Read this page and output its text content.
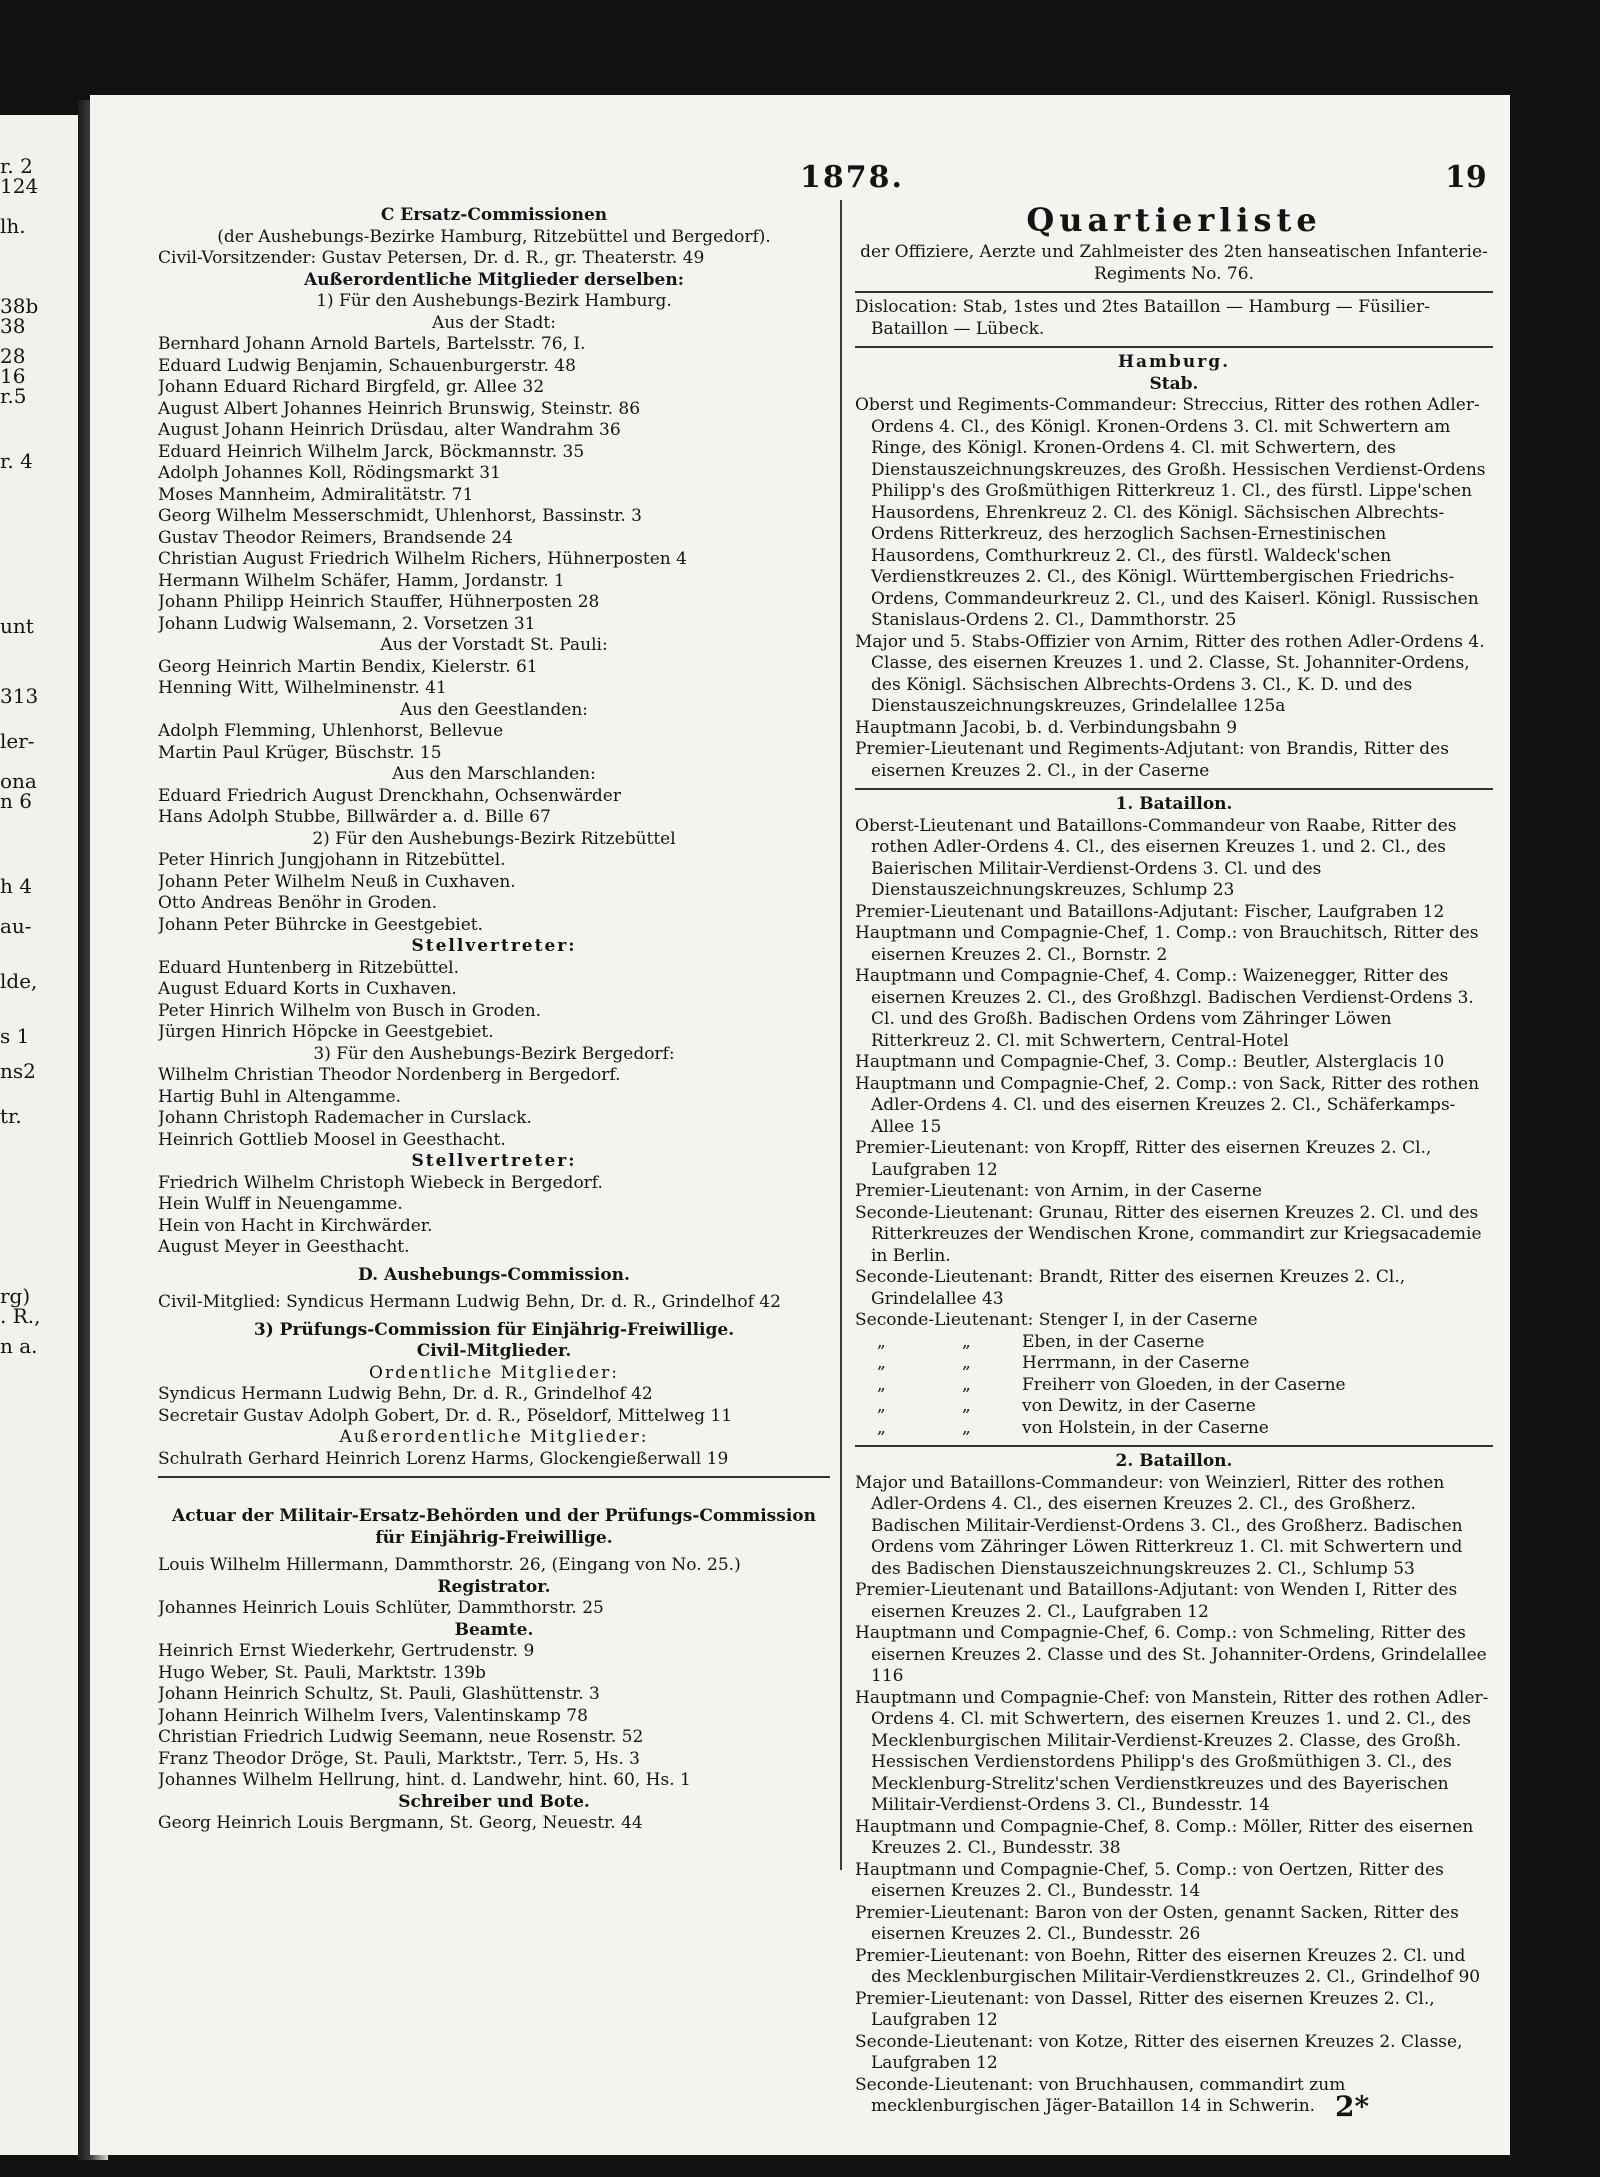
r. 2
124
lh.
38b
38
28
16
r.5
r. 4
unt
313
ler-
ona
n 6
h 4
au-
lde,
s 1
ns2
tr.
rg)
. R.,
n a.
1878.	19
C Ersatz-Commissionen
(der Aushebungs-Bezirke Hamburg, Ritzebüttel und Bergedorf).
Civil-Vorsitzender: Gustav Petersen, Dr. d. R., gr. Theaterstr. 49
Außerordentliche Mitglieder derselben:
1) Für den Aushebungs-Bezirk Hamburg.
Aus der Stadt:
Bernhard Johann Arnold Bartels, Bartelsstr. 76, I.
Eduard Ludwig Benjamin, Schauenburgerstr. 48
Johann Eduard Richard Birgfeld, gr. Allee 32
August Albert Johannes Heinrich Brunswig, Steinstr. 86
August Johann Heinrich Drüsdau, alter Wandrahm 36
Eduard Heinrich Wilhelm Jarck, Böckmannstr. 35
Adolph Johannes Koll, Rödingsmarkt 31
Moses Mannheim, Admiralitätstr. 71
Georg Wilhelm Messerschmidt, Uhlenhorst, Bassinstr. 3
Gustav Theodor Reimers, Brandsende 24
Christian August Friedrich Wilhelm Richers, Hühnerposten 4
Hermann Wilhelm Schäfer, Hamm, Jordanstr. 1
Johann Philipp Heinrich Stauffer, Hühnerposten 28
Johann Ludwig Walsemann, 2. Vorsetzen 31
Aus der Vorstadt St. Pauli:
Georg Heinrich Martin Bendix, Kielerstr. 61
Henning Witt, Wilhelminenstr. 41
Aus den Geestlanden:
Adolph Flemming, Uhlenhorst, Bellevue
Martin Paul Krüger, Büschstr. 15
Aus den Marschlanden:
Eduard Friedrich August Drenckhahn, Ochsenwärder
Hans Adolph Stubbe, Billwärder a. d. Bille 67
2) Für den Aushebungs-Bezirk Ritzebüttel
Peter Hinrich Jungjohann in Ritzebüttel.
Johann Peter Wilhelm Neuß in Cuxhaven.
Otto Andreas Benöhr in Groden.
Johann Peter Bührcke in Geestgebiet.
Stellvertreter:
Eduard Huntenberg in Ritzebüttel.
August Eduard Korts in Cuxhaven.
Peter Hinrich Wilhelm von Busch in Groden.
Jürgen Hinrich Höpcke in Geestgebiet.
3) Für den Aushebungs-Bezirk Bergedorf:
Wilhelm Christian Theodor Nordenberg in Bergedorf.
Hartig Buhl in Altengamme.
Johann Christoph Rademacher in Curslack.
Heinrich Gottlieb Moosel in Geesthacht.
Stellvertreter:
Friedrich Wilhelm Christoph Wiebeck in Bergedorf.
Hein Wulff in Neuengamme.
Hein von Hacht in Kirchwärder.
August Meyer in Geesthacht.
D. Aushebungs-Commission.
Civil-Mitglied: Syndicus Hermann Ludwig Behn, Dr. d. R., Grindelhof 42
3) Prüfungs-Commission für Einjährig-Freiwillige.
Civil-Mitglieder.
Ordentliche Mitglieder:
Syndicus Hermann Ludwig Behn, Dr. d. R., Grindelhof 42
Secretair Gustav Adolph Gobert, Dr. d. R., Pöseldorf, Mittelweg 11
Außerordentliche Mitglieder:
Schulrath Gerhard Heinrich Lorenz Harms, Glockengießerwall 19
Actuar der Militair-Ersatz-Behörden und der Prüfungs-Commission für Einjährig-Freiwillige.
Louis Wilhelm Hillermann, Dammthorstr. 26, (Eingang von No. 25.)
Registrator.
Johannes Heinrich Louis Schlüter, Dammthorstr. 25
Beamte.
Heinrich Ernst Wiederkehr, Gertrudenstr. 9
Hugo Weber, St. Pauli, Marktstr. 139b
Johann Heinrich Schultz, St. Pauli, Glashüttenstr. 3
Johann Heinrich Wilhelm Ivers, Valentinskamp 78
Christian Friedrich Ludwig Seemann, neue Rosenstr. 52
Franz Theodor Dröge, St. Pauli, Marktstr., Terr. 5, Hs. 3
Johannes Wilhelm Hellrung, hint. d. Landwehr, hint. 60, Hs. 1
Schreiber und Bote.
Georg Heinrich Louis Bergmann, St. Georg, Neuestr. 44
Quartierliste
der Offiziere, Aerzte und Zahlmeister des 2ten hanseatischen Infanterie-Regiments No. 76.
Dislocation: Stab, 1stes und 2tes Bataillon — Hamburg — Füsilier-Bataillon — Lübeck.
Hamburg.
Stab.
Oberst und Regiments-Commandeur: Streccius, Ritter des rothen Adler-Ordens 4. Cl., des Königl. Kronen-Ordens 3. Cl. mit Schwertern am Ringe, des Königl. Kronen-Ordens 4. Cl. mit Schwertern, des Dienstauszeichnungskreuzes, des Großh. Hessischen Verdienst-Ordens Philipp's des Großmüthigen Ritterkreuz 1. Cl., des fürstl. Lippe'schen Hausordens, Ehrenkreuz 2. Cl. des Königl. Sächsischen Albrechts-Ordens Ritterkreuz, des herzoglich Sachsen-Ernestinischen Hausordens, Comthurkreuz 2. Cl., des fürstl. Waldeck'schen Verdienstkreuzes 2. Cl., des Königl. Württembergischen Friedrichs-Ordens, Commandeurkreuz 2. Cl., und des Kaiserl. Königl. Russischen Stanislaus-Ordens 2. Cl., Dammthorstr. 25
Major und 5. Stabs-Offizier von Arnim, Ritter des rothen Adler-Ordens 4. Classe, des eisernen Kreuzes 1. und 2. Classe, St. Johanniter-Ordens, des Königl. Sächsischen Albrechts-Ordens 3. Cl., K. D. und des Dienstauszeichnungskreuzes, Grindelallee 125a
Hauptmann Jacobi, b. d. Verbindungsbahn 9
Premier-Lieutenant und Regiments-Adjutant: von Brandis, Ritter des eisernen Kreuzes 2. Cl., in der Caserne
1. Bataillon.
Oberst-Lieutenant und Bataillons-Commandeur von Raabe, Ritter des rothen Adler-Ordens 4. Cl., des eisernen Kreuzes 1. und 2. Cl., des Baierischen Militair-Verdienst-Ordens 3. Cl. und des Dienstauszeichnungskreuzes, Schlump 23
Premier-Lieutenant und Bataillons-Adjutant: Fischer, Laufgraben 12
Hauptmann und Compagnie-Chef, 1. Comp.: von Brauchitsch, Ritter des eisernen Kreuzes 2. Cl., Bornstr. 2
Hauptmann und Compagnie-Chef, 4. Comp.: Waizenegger, Ritter des eisernen Kreuzes 2. Cl., des Großhzgl. Badischen Verdienst-Ordens 3. Cl. und des Großh. Badischen Ordens vom Zähringer Löwen Ritterkreuz 2. Cl. mit Schwertern, Central-Hotel
Hauptmann und Compagnie-Chef, 3. Comp.: Beutler, Alsterglacis 10
Hauptmann und Compagnie-Chef, 2. Comp.: von Sack, Ritter des rothen Adler-Ordens 4. Cl. und des eisernen Kreuzes 2. Cl., Schäferkamps-Allee 15
Premier-Lieutenant: von Kropff, Ritter des eisernen Kreuzes 2. Cl., Laufgraben 12
Premier-Lieutenant: von Arnim, in der Caserne
Seconde-Lieutenant: Grunau, Ritter des eisernen Kreuzes 2. Cl. und des Ritterkreuzes der Wendischen Krone, commandirt zur Kriegsacademie in Berlin.
Seconde-Lieutenant: Brandt, Ritter des eisernen Kreuzes 2. Cl., Grindelallee 43
Seconde-Lieutenant: Stenger I, in der Caserne
„	„	Eben, in der Caserne
„	„	Herrmann, in der Caserne
„	„	Freiherr von Gloeden, in der Caserne
„	„	von Dewitz, in der Caserne
„	„	von Holstein, in der Caserne
2. Bataillon.
Major und Bataillons-Commandeur: von Weinzierl, Ritter des rothen Adler-Ordens 4. Cl., des eisernen Kreuzes 2. Cl., des Großherz. Badischen Militair-Verdienst-Ordens 3. Cl., des Großherz. Badischen Ordens vom Zähringer Löwen Ritterkreuz 1. Cl. mit Schwertern und des Badischen Dienstauszeichnungskreuzes 2. Cl., Schlump 53
Premier-Lieutenant und Bataillons-Adjutant: von Wenden I, Ritter des eisernen Kreuzes 2. Cl., Laufgraben 12
Hauptmann und Compagnie-Chef, 6. Comp.: von Schmeling, Ritter des eisernen Kreuzes 2. Classe und des St. Johanniter-Ordens, Grindelallee 116
Hauptmann und Compagnie-Chef: von Manstein, Ritter des rothen Adler-Ordens 4. Cl. mit Schwertern, des eisernen Kreuzes 1. und 2. Cl., des Mecklenburgischen Militair-Verdienst-Kreuzes 2. Classe, des Großh. Hessischen Verdienstordens Philipp's des Großmüthigen 3. Cl., des Mecklenburg-Strelitz'schen Verdienstkreuzes und des Bayerischen Militair-Verdienst-Ordens 3. Cl., Bundesstr. 14
Hauptmann und Compagnie-Chef, 8. Comp.: Möller, Ritter des eisernen Kreuzes 2. Cl., Bundesstr. 38
Hauptmann und Compagnie-Chef, 5. Comp.: von Oertzen, Ritter des eisernen Kreuzes 2. Cl., Bundesstr. 14
Premier-Lieutenant: Baron von der Osten, genannt Sacken, Ritter des eisernen Kreuzes 2. Cl., Bundesstr. 26
Premier-Lieutenant: von Boehn, Ritter des eisernen Kreuzes 2. Cl. und des Mecklenburgischen Militair-Verdienstkreuzes 2. Cl., Grindelhof 90
Premier-Lieutenant: von Dassel, Ritter des eisernen Kreuzes 2. Cl., Laufgraben 12
Seconde-Lieutenant: von Kotze, Ritter des eisernen Kreuzes 2. Classe, Laufgraben 12
Seconde-Lieutenant: von Bruchhausen, commandirt zum mecklenburgischen Jäger-Bataillon 14 in Schwerin. 2*
